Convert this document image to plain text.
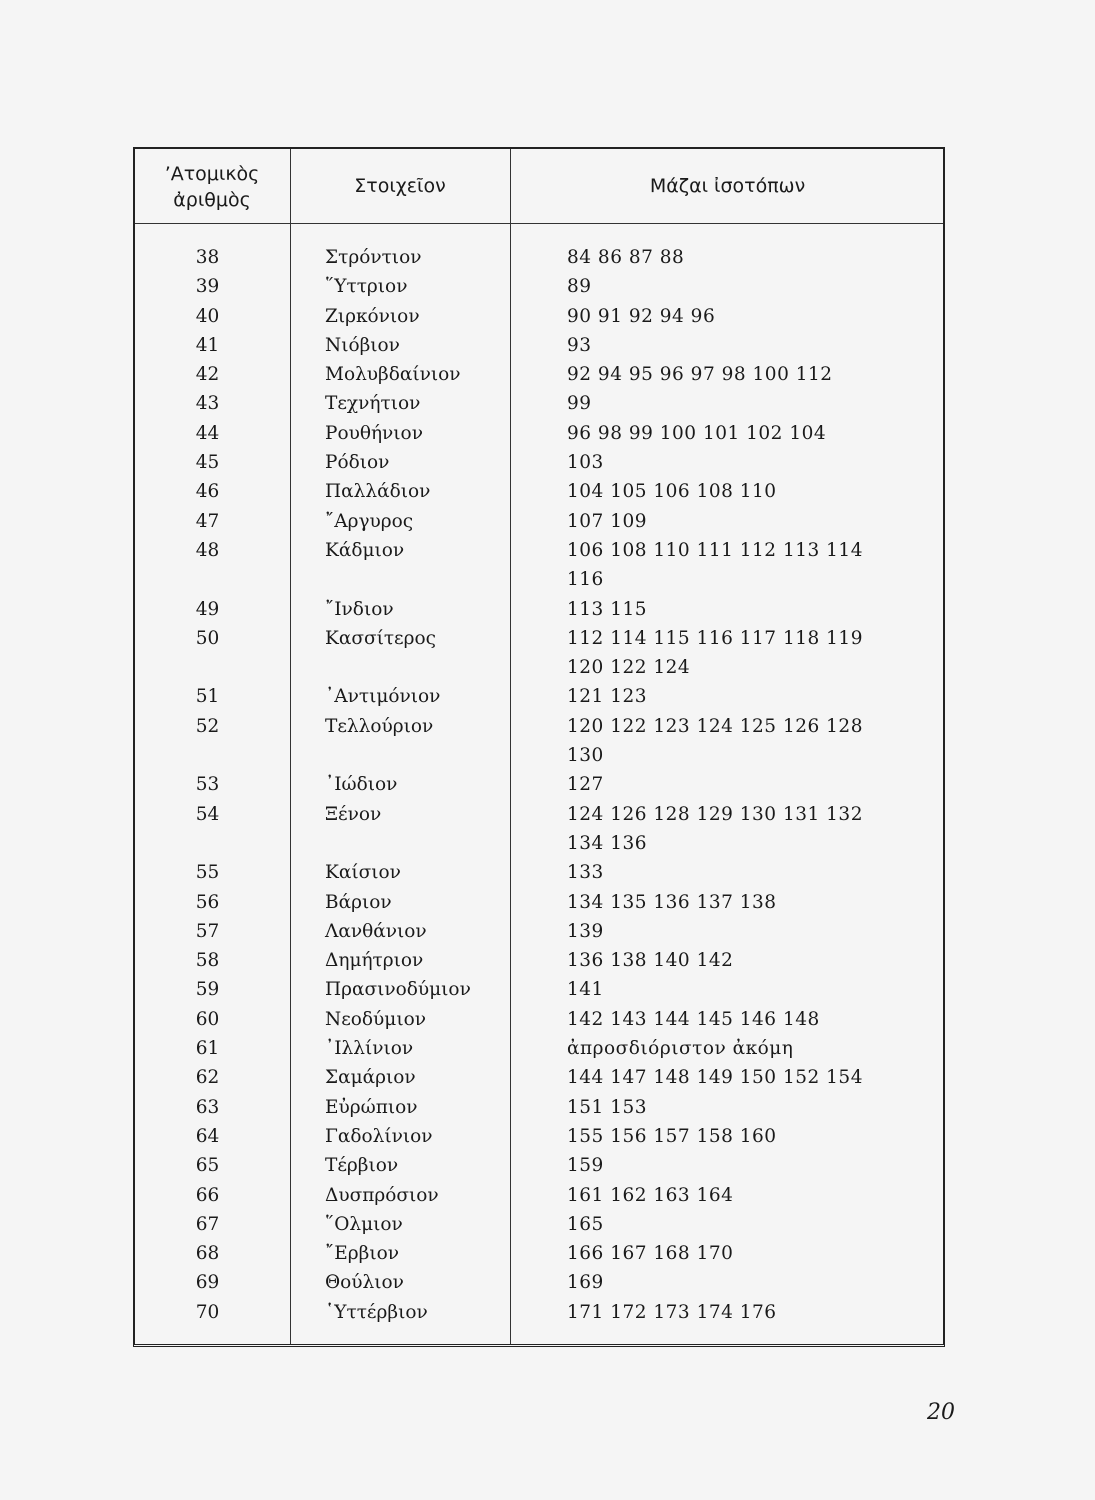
’Ατομικὸς
ἀριθμὸς
Στοιχεῖον	Μάζαι ἰσοτόπων
38	Στρόντιον	84 86 87 88
39	῞Υττριον	89
40	Ζιρκόνιον	90 91 92 94 96
41	Νιόβιον	93
42	Μολυβδαίνιον	92 94 95 96 97 98 100 112
43	Τεχνήτιον	99
44	Ρουθήνιον	96 98 99 100 101 102 104
45	Ρόδιον	103
46	Παλλάδιον	104 105 106 108 110
47	῎Αργυρος	107 109
48	Κάδμιον	106 108 110 111 112 113 114
116
49	῎Ινδιον	113 115
50	Κασσίτερος	112 114 115 116 117 118 119
120 122 124
51	᾽Αντιμόνιον	121 123
52	Τελλούριον	120 122 123 124 125 126 128
130
53	᾽Ιώδιον	127
54	Ξένον	124 126 128 129 130 131 132
134 136
55	Καίσιον	133
56	Βάριον	134 135 136 137 138
57	Λανθάνιον	139
58	Δημήτριον	136 138 140 142
59	Πρασινοδύμιον	141
60	Νεοδύμιον	142 143 144 145 146 148
61	᾽Ιλλίνιον	ἀπροσδιόριστον ἀκόμη
62	Σαμάριον	144 147 148 149 150 152 154
63	Εὐρώπιον	151 153
64	Γαδολίνιον	155 156 157 158 160
65	Τέρβιον	159
66	Δυσπρόσιον	161 162 163 164
67	῞Ολμιον	165
68	῎Ερβιον	166 167 168 170
69	Θούλιον	169
70	῾Υττέρβιον	171 172 173 174 176
20
